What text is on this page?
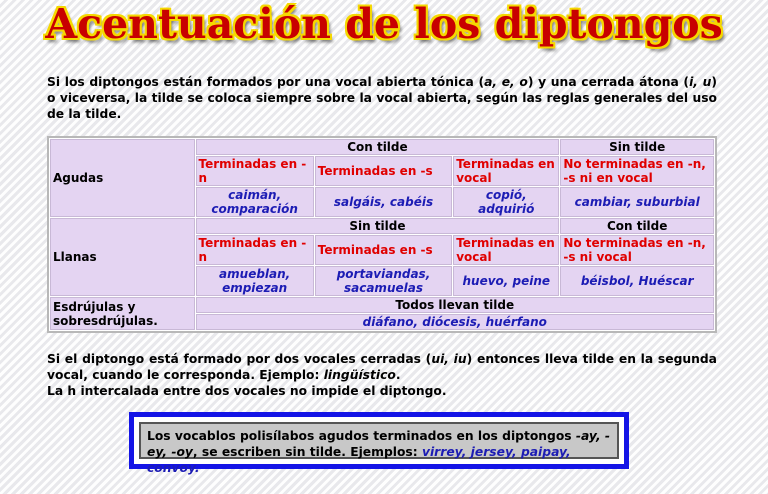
Acentuación de los diptongos
Si los diptongos están formados por una vocal abierta tónica (a, e, o) y una cerrada átona (i, u) o viceversa, la tilde se coloca siempre sobre la vocal abierta, según las reglas generales del uso de la tilde.
Agudas	Con tilde			Sin tilde
	Terminadas en -n	Terminadas en -s	Terminadas en vocal	No terminadas en -n, -s ni en vocal
	caimán, comparación	salgáis, cabéis	copió, adquirió	cambiar, suburbial
Llanas	Sin tilde			Con tilde
	Terminadas en -n	Terminadas en -s	Terminadas en vocal	No terminadas en -n, -s ni vocal
	amueblan, empiezan	portaviandas, sacamuelas	huevo, peine	béisbol, Huéscar
Esdrújulas y sobresdrújulas.	Todos llevan tilde			
	diáfano, diócesis, huérfano			
Si el diptongo está formado por dos vocales cerradas (ui, iu) entonces lleva tilde en la segunda vocal, cuando le corresponda. Ejemplo: lingüístico.
La h intercalada entre dos vocales no impide el diptongo.
Los vocablos polisílabos agudos terminados en los diptongos -ay, -ey, -oy, se escriben sin tilde. Ejemplos: virrey, jersey, paipay, convoy.
